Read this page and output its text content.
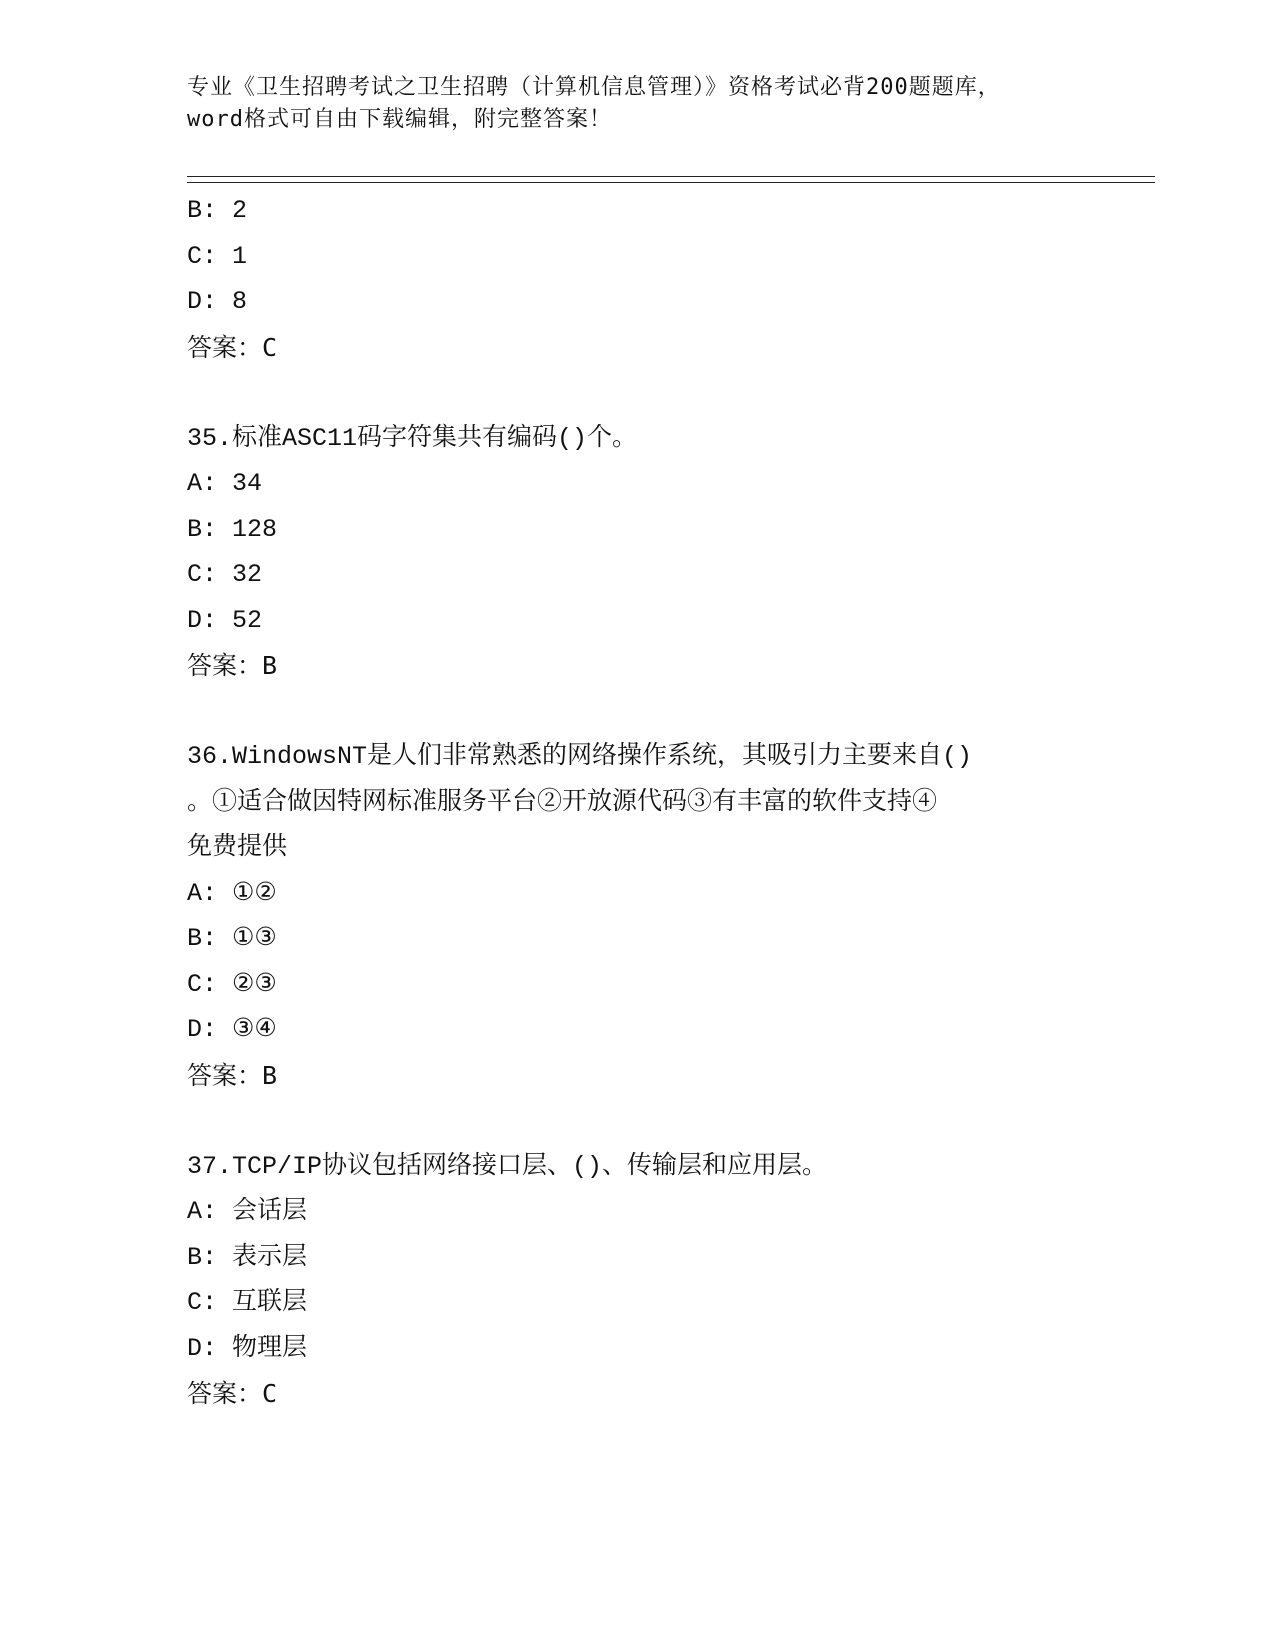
专业《卫生招聘考试之卫生招聘（计算机信息管理）》资格考试必背200题题库，
word格式可自由下载编辑，附完整答案！
B: 2
C: 1
D: 8
答案：C
35.标准ASC11码字符集共有编码()个。
A: 34
B: 128
C: 32
D: 52
答案：B
36.WindowsNT是人们非常熟悉的网络操作系统，其吸引力主要来自()
。①适合做因特网标准服务平台②开放源代码③有丰富的软件支持④
免费提供
A: ①②
B: ①③
C: ②③
D: ③④
答案：B
37.TCP/IP协议包括网络接口层、()、传输层和应用层。
A: 会话层
B: 表示层
C: 互联层
D: 物理层
答案：C
